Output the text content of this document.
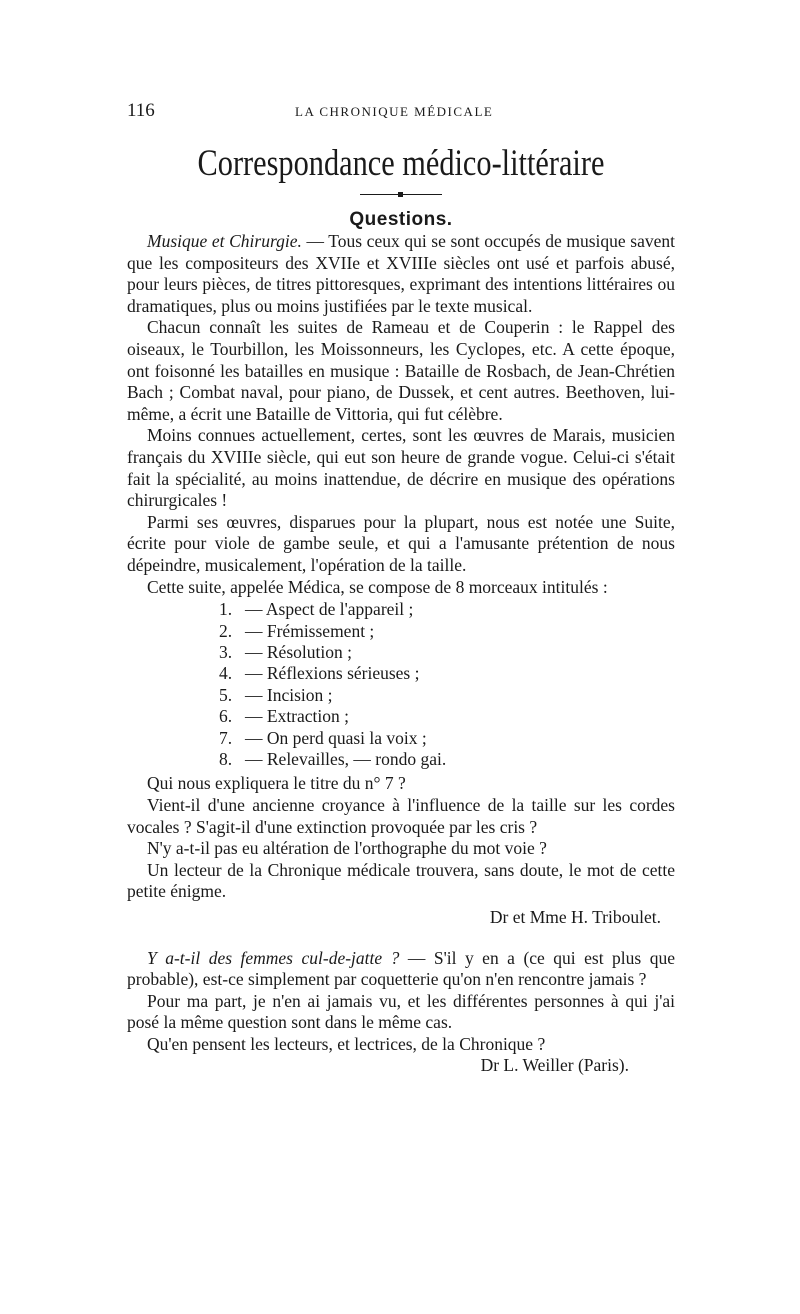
116	LA CHRONIQUE MÉDICALE
Correspondance médico-littéraire
Questions.

Musique et Chirurgie. — Tous ceux qui se sont occupés de musique savent que les compositeurs des XVIIe et XVIIIe siècles ont usé et parfois abusé, pour leurs pièces, de titres pittoresques, exprimant des intentions littéraires ou dramatiques, plus ou moins justifiées par le texte musical.

Chacun connaît les suites de Rameau et de Couperin : le Rappel des oiseaux, le Tourbillon, les Moissonneurs, les Cyclopes, etc. A cette époque, ont foisonné les batailles en musique : Bataille de Rosbach, de Jean-Chrétien Bach ; Combat naval, pour piano, de Dussek, et cent autres. Beethoven, lui-même, a écrit une Bataille de Vittoria, qui fut célèbre.

Moins connues actuellement, certes, sont les œuvres de Marais, musicien français du XVIIIe siècle, qui eut son heure de grande vogue. Celui-ci s'était fait la spécialité, au moins inattendue, de décrire en musique des opérations chirurgicales !

Parmi ses œuvres, disparues pour la plupart, nous est notée une Suite, écrite pour viole de gambe seule, et qui a l'amusante prétention de nous dépeindre, musicalement, l'opération de la taille.

Cette suite, appelée Médica, se compose de 8 morceaux intitulés :

1. — Aspect de l'appareil ;
2. — Frémissement ;
3. — Résolution ;
4. — Réflexions sérieuses ;
5. — Incision ;
6. — Extraction ;
7. — On perd quasi la voix ;
8. — Relevailles, — rondo gai.

Qui nous expliquera le titre du n° 7 ?

Vient-il d'une ancienne croyance à l'influence de la taille sur les cordes vocales ? S'agit-il d'une extinction provoquée par les cris ?

N'y a-t-il pas eu altération de l'orthographe du mot voie ?

Un lecteur de la Chronique médicale trouvera, sans doute, le mot de cette petite énigme.

Dr et Mme H. Triboulet.

Y a-t-il des femmes cul-de-jatte ? — S'il y en a (ce qui est plus que probable), est-ce simplement par coquetterie qu'on n'en rencontre jamais ?

Pour ma part, je n'en ai jamais vu, et les différentes personnes à qui j'ai posé la même question sont dans le même cas.

Qu'en pensent les lecteurs, et lectrices, de la Chronique ?

Dr L. Weiller (Paris).
